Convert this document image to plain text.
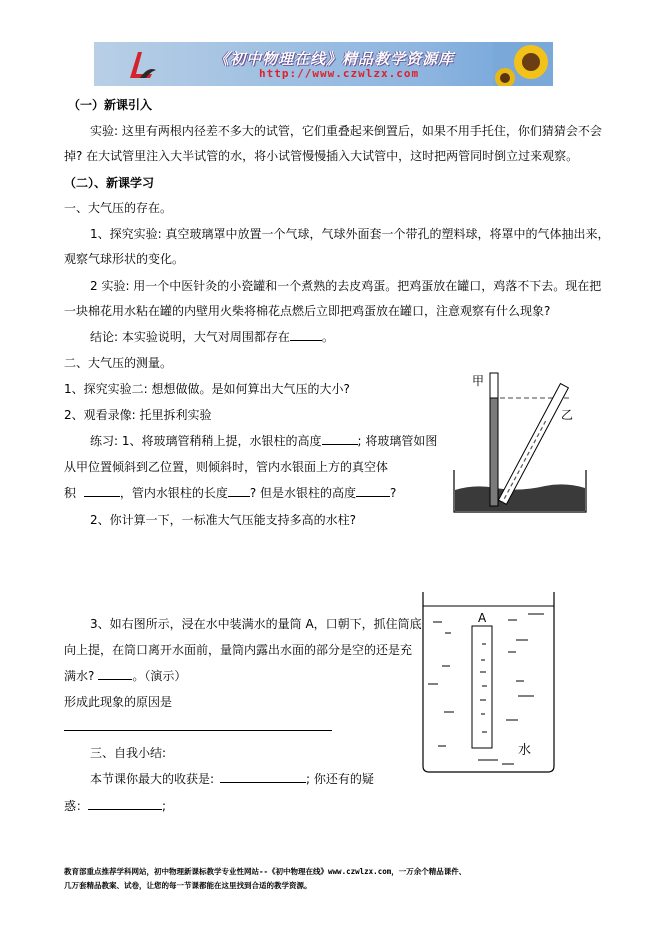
《初中物理在线》精品教学资源库
http://www.czwlzx.com
（一）新课引入
实验: 这里有两根内径差不多大的试管，它们重叠起来倒置后，如果不用手托住，你们猜猜会不会
掉? 在大试管里注入大半试管的水，将小试管慢慢插入大试管中，这时把两管同时倒立过来观察。
（二）、新课学习
一、大气压的存在。
1、探究实验: 真空玻璃罩中放置一个气球，气球外面套一个带孔的塑料球，将罩中的气体抽出来，
观察气球形状的变化。
2 实验: 用一个中医针灸的小瓷罐和一个煮熟的去皮鸡蛋。把鸡蛋放在罐口，鸡落不下去。现在把
一块棉花用水粘在罐的内壁用火柴将棉花点燃后立即把鸡蛋放在罐口，注意观察有什么现象?
结论: 本实验说明，大气对周围都存在	。
二、大气压的测量。
1、探究实验二: 想想做做。是如何算出大气压的大小?
2、观看录像: 托里拆利实验
练习: 1、将玻璃管稍稍上提，水银柱的高度	; 将玻璃管如图
从甲位置倾斜到乙位置，则倾斜时，管内水银面上方的真空体
积	，管内水银柱的长度 ? 但是水银柱的高度	?
2、你计算一下，一标准大气压能支持多高的水柱?
3、如右图所示，浸在水中装满水的量筒 A，口朝下，抓住筒底
向上提，在筒口离开水面前，量筒内露出水面的部分是空的还是充
满水?	。（演示）
形成此现象的原因是
三、自我小结:
本节课你最大的收获是:	; 你还有的疑
惑：	;
甲
乙
A
水
教育部重点推荐学科网站，初中物理新课标教学专业性网站--《初中物理在线》www.czwlzx.com，一万余个精品课件、
几万套精品教案、试卷，让您的每一节课都能在这里找到合适的教学资源。
